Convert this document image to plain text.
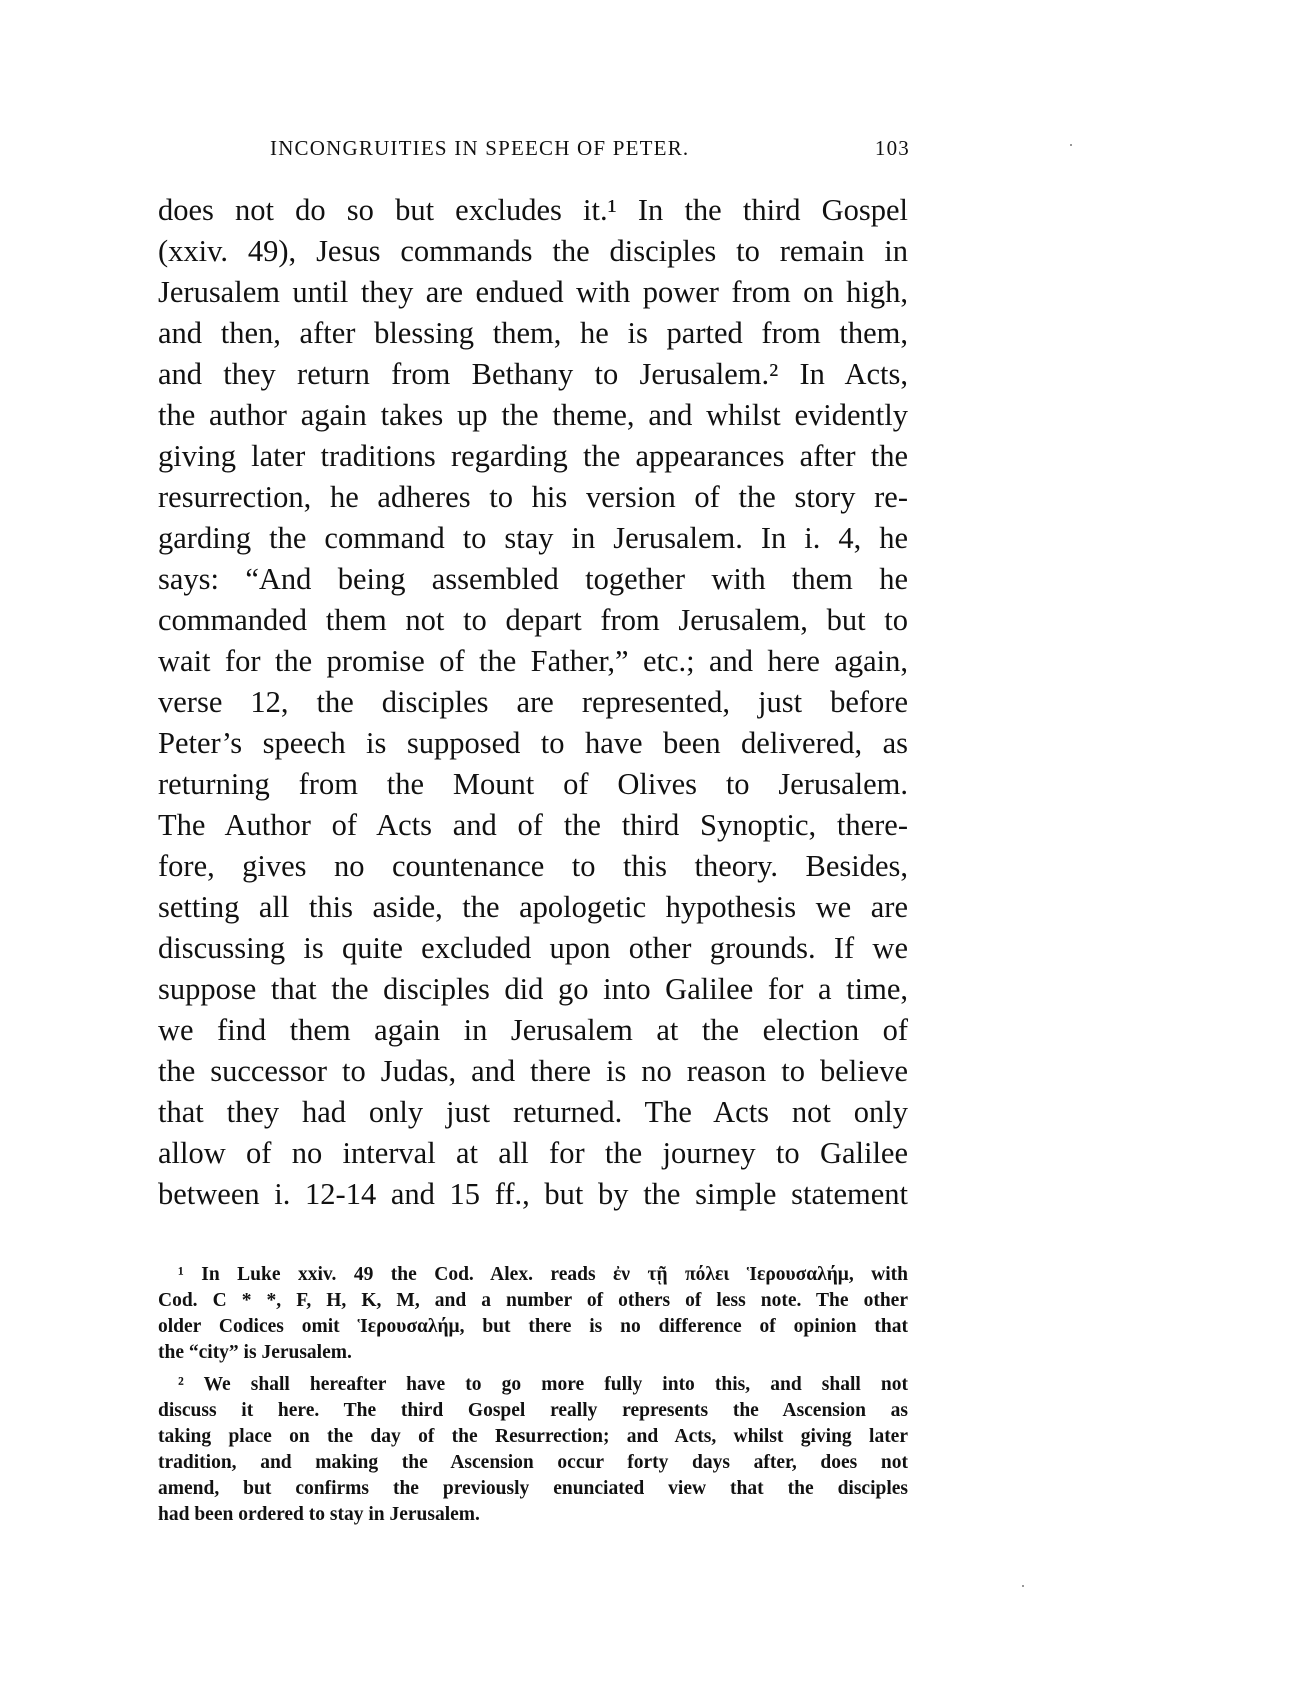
INCONGRUITIES IN SPEECH OF PETER.	103
does not do so but excludes it.¹ In the third Gospel
(xxiv. 49), Jesus commands the disciples to remain in
Jerusalem until they are endued with power from on high,
and then, after blessing them, he is parted from them,
and they return from Bethany to Jerusalem.² In Acts,
the author again takes up the theme, and whilst evidently
giving later traditions regarding the appearances after the
resurrection, he adheres to his version of the story re-
garding the command to stay in Jerusalem. In i. 4, he
says: “And being assembled together with them he
commanded them not to depart from Jerusalem, but to
wait for the promise of the Father,” etc.; and here again,
verse 12, the disciples are represented, just before
Peter’s speech is supposed to have been delivered, as
returning from the Mount of Olives to Jerusalem.
The Author of Acts and of the third Synoptic, there-
fore, gives no countenance to this theory. Besides,
setting all this aside, the apologetic hypothesis we are
discussing is quite excluded upon other grounds. If we
suppose that the disciples did go into Galilee for a time,
we find them again in Jerusalem at the election of
the successor to Judas, and there is no reason to believe
that they had only just returned. The Acts not only
allow of no interval at all for the journey to Galilee
between i. 12-14 and 15 ff., but by the simple statement
¹ In Luke xxiv. 49 the Cod. Alex. reads ἐν τῇ πόλει Ἱερουσαλήμ, with
Cod. C * *, F, H, K, M, and a number of others of less note. The other
older Codices omit Ἱερουσαλήμ, but there is no difference of opinion that
the “city” is Jerusalem.
² We shall hereafter have to go more fully into this, and shall not
discuss it here. The third Gospel really represents the Ascension as
taking place on the day of the Resurrection; and Acts, whilst giving later
tradition, and making the Ascension occur forty days after, does not
amend, but confirms the previously enunciated view that the disciples
had been ordered to stay in Jerusalem.
